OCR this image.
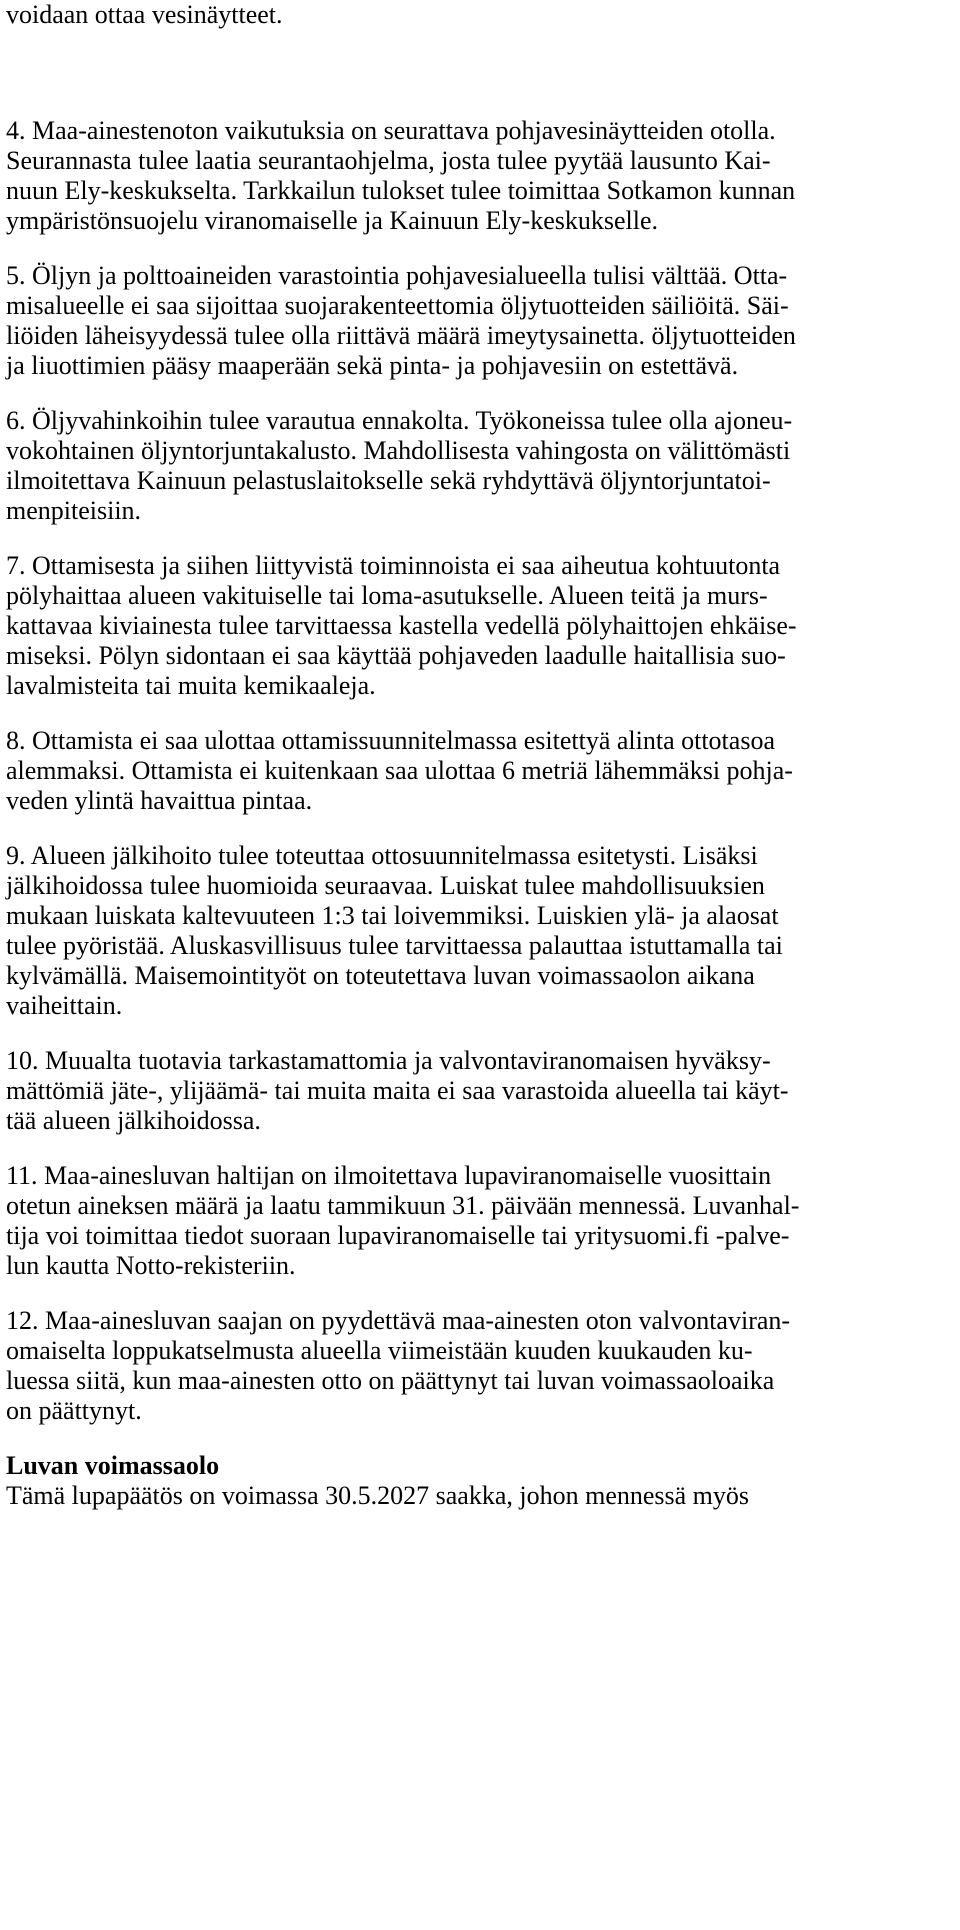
voidaan ottaa vesinäytteet.
4. Maa-ainestenoton vaikutuksia on seurattava pohjavesinäytteiden otolla.
Seurannasta tulee laatia seurantaohjelma, josta tulee pyytää lausunto Kai-
nuun Ely-keskukselta. Tarkkailun tulokset tulee toimittaa Sotkamon kunnan
ympäristönsuojelu viranomaiselle ja Kainuun Ely-keskukselle.
5. Öljyn ja polttoaineiden varastointia pohjavesialueella tulisi välttää. Otta-
misalueelle ei saa sijoittaa suojarakenteettomia öljytuotteiden säiliöitä. Säi-
liöiden läheisyydessä tulee olla riittävä määrä imeytysainetta. öljytuotteiden
ja liuottimien pääsy maaperään sekä pinta- ja pohjavesiin on estettävä.
6. Öljyvahinkoihin tulee varautua ennakolta. Työkoneissa tulee olla ajoneu-
vokohtainen öljyntorjuntakalusto. Mahdollisesta vahingosta on välittömästi
ilmoitettava Kainuun pelastuslaitokselle sekä ryhdyttävä öljyntorjuntatoi-
menpiteisiin.
7. Ottamisesta ja siihen liittyvistä toiminnoista ei saa aiheutua kohtuutonta
pölyhaittaa alueen vakituiselle tai loma-asutukselle. Alueen teitä ja murs-
kattavaa kiviainesta tulee tarvittaessa kastella vedellä pölyhaittojen ehkäise-
miseksi. Pölyn sidontaan ei saa käyttää pohjaveden laadulle haitallisia suo-
lavalmisteita tai muita kemikaaleja.
8. Ottamista ei saa ulottaa ottamissuunnitelmassa esitettyä alinta ottotasoa
alemmaksi. Ottamista ei kuitenkaan saa ulottaa 6 metriä lähemmäksi pohja-
veden ylintä havaittua pintaa.
9. Alueen jälkihoito tulee toteuttaa ottosuunnitelmassa esitetysti. Lisäksi
jälkihoidossa tulee huomioida seuraavaa. Luiskat tulee mahdollisuuksien
mukaan luiskata kaltevuuteen 1:3 tai loivemmiksi. Luiskien ylä- ja alaosat
tulee pyöristää. Aluskasvillisuus tulee tarvittaessa palauttaa istuttamalla tai
kylvämällä. Maisemointityöt on toteutettava luvan voimassaolon aikana
vaiheittain.
10. Muualta tuotavia tarkastamattomia ja valvontaviranomaisen hyväksy-
mättömiä jäte-, ylijäämä- tai muita maita ei saa varastoida alueella tai käyt-
tää alueen jälkihoidossa.
11. Maa-ainesluvan haltijan on ilmoitettava lupaviranomaiselle vuosittain
otetun aineksen määrä ja laatu tammikuun 31. päivään mennessä. Luvanhal-
tija voi toimittaa tiedot suoraan lupaviranomaiselle tai yritysuomi.fi -palve-
lun kautta Notto-rekisteriin.
12. Maa-ainesluvan saajan on pyydettävä maa-ainesten oton valvontaviran-
omaiselta loppukatselmusta alueella viimeistään kuuden kuukauden ku-
luessa siitä, kun maa-ainesten otto on päättynyt tai luvan voimassaoloaika
on päättynyt.
Luvan voimassaolo
Tämä lupapäätös on voimassa 30.5.2027 saakka, johon mennessä myös
